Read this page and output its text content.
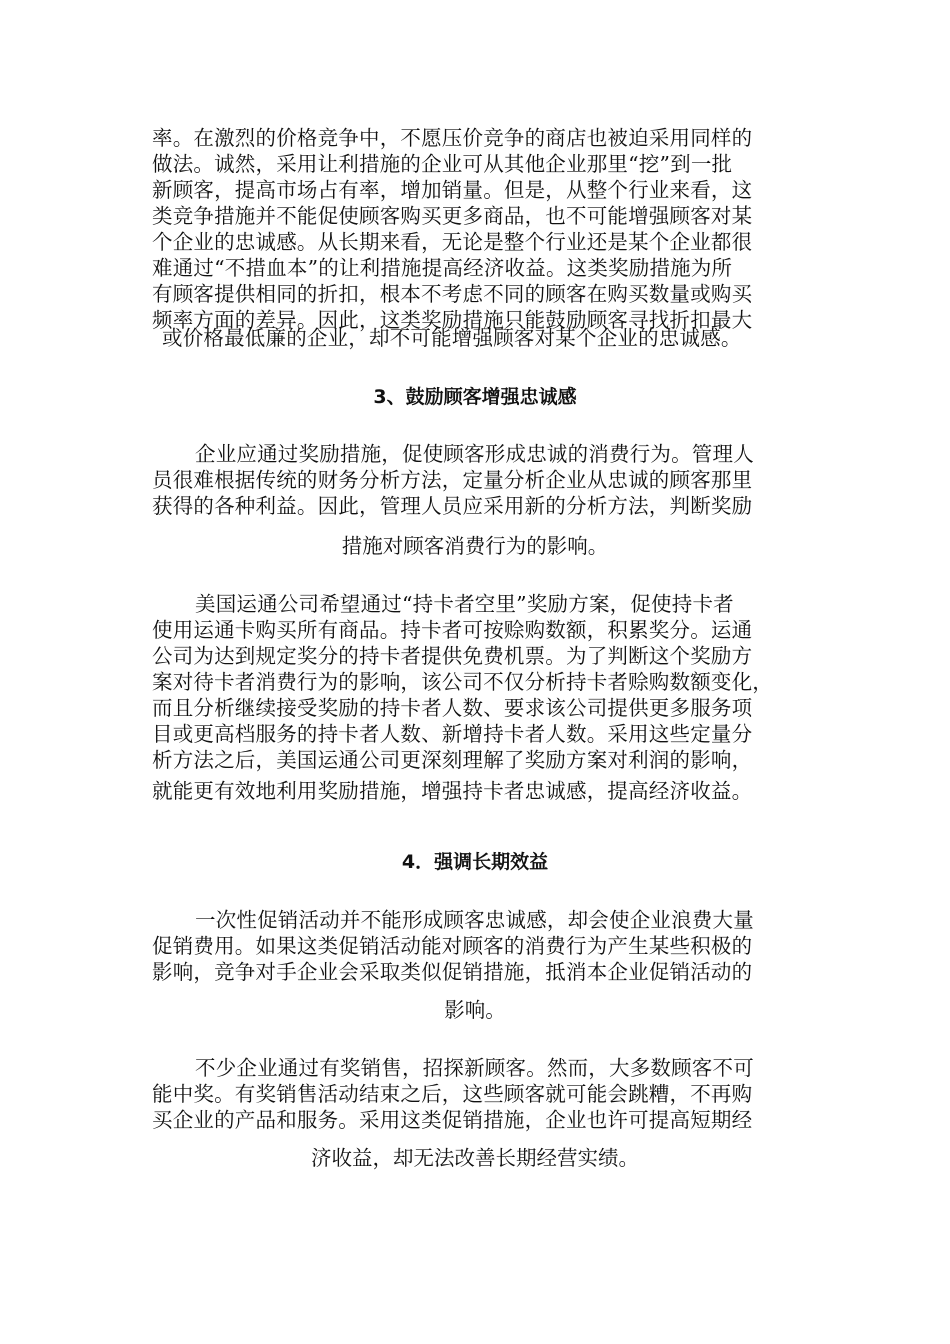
率。在激烈的价格竞争中，不愿压价竞争的商店也被迫采用同样的
做法。诚然，采用让利措施的企业可从其他企业那里“挖”到一批
新顾客，提高市场占有率，增加销量。但是，从整个行业来看，这
类竞争措施并不能促使顾客购买更多商品，也不可能增强顾客对某
个企业的忠诚感。从长期来看，无论是整个行业还是某个企业都很
难通过“不措血本”的让利措施提高经济收益。这类奖励措施为所
有顾客提供相同的折扣，根本不考虑不同的顾客在购买数量或购买
频率方面的差异。因此，这类奖励措施只能鼓励顾客寻找折扣最大
或价格最低廉的企业，却不可能增强顾客对某个企业的忠诚感。
3、鼓励顾客增强忠诚感
企业应通过奖励措施，促使顾客形成忠诚的消费行为。管理人
员很难根据传统的财务分析方法，定量分析企业从忠诚的顾客那里
获得的各种利益。因此，管理人员应采用新的分析方法，判断奖励
措施对顾客消费行为的影响。
美国运通公司希望通过“持卡者空里”奖励方案，促使持卡者
使用运通卡购买所有商品。持卡者可按赊购数额，积累奖分。运通
公司为达到规定奖分的持卡者提供免费机票。为了判断这个奖励方
案对待卡者消费行为的影响，该公司不仅分析持卡者赊购数额变化，
而且分析继续接受奖励的持卡者人数、要求该公司提供更多服务项
目或更高档服务的持卡者人数、新增持卡者人数。采用这些定量分
析方法之后，美国运通公司更深刻理解了奖励方案对利润的影响，
就能更有效地利用奖励措施，增强持卡者忠诚感，提高经济收益。
4．强调长期效益
一次性促销活动并不能形成顾客忠诚感，却会使企业浪费大量
促销费用。如果这类促销活动能对顾客的消费行为产生某些积极的
影响，竞争对手企业会采取类似促销措施，抵消本企业促销活动的
影响。
不少企业通过有奖销售，招探新顾客。然而，大多数顾客不可
能中奖。有奖销售活动结束之后，这些顾客就可能会跳糟，不再购
买企业的产品和服务。采用这类促销措施，企业也许可提高短期经
济收益，却无法改善长期经营实绩。
